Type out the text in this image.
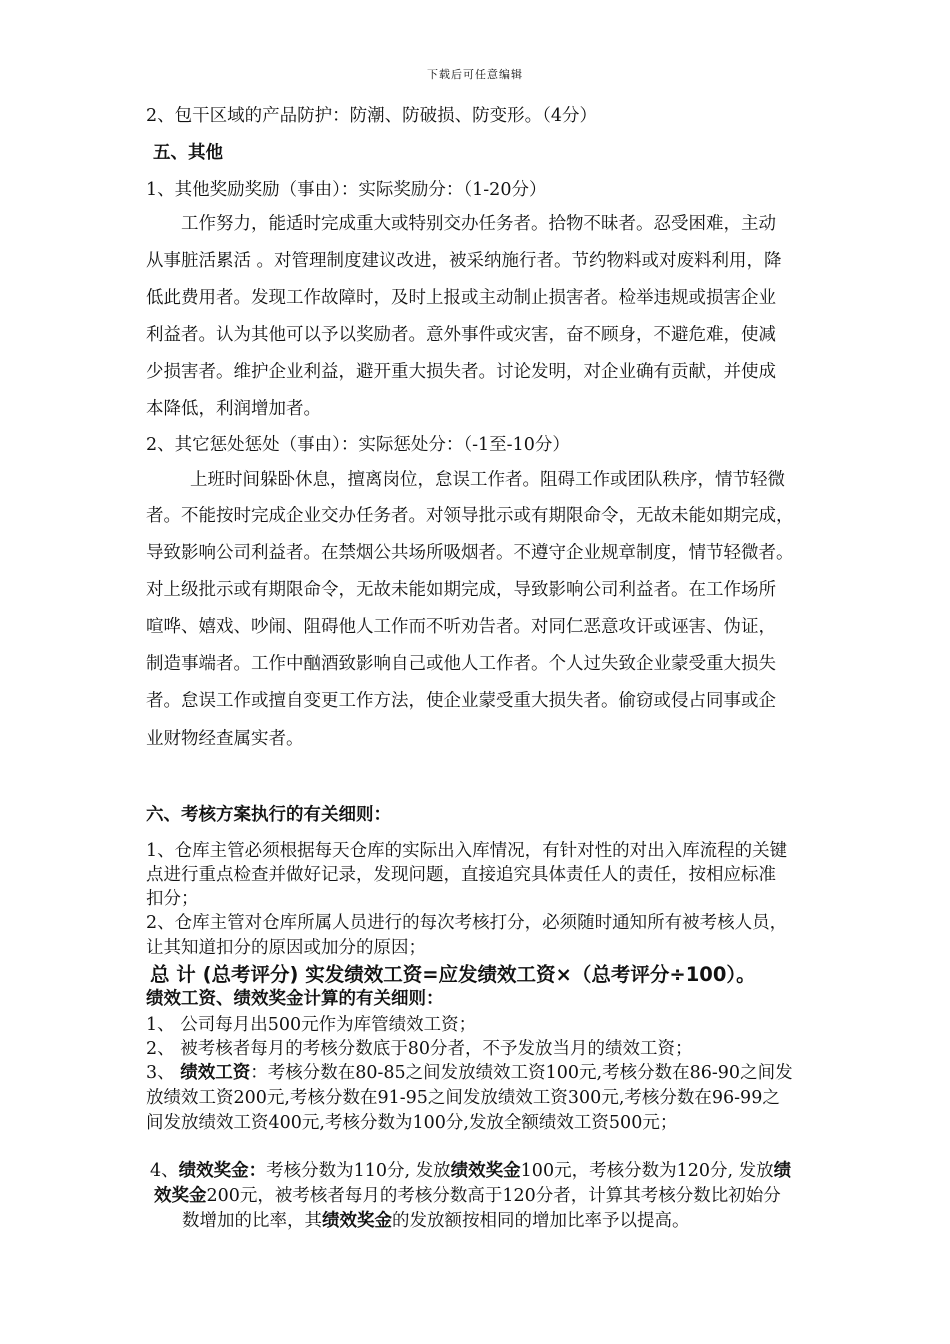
下载后可任意编辑
2、包干区域的产品防护：防潮、防破损、防变形。（4分）
五、其他
1、其他奖励奖励（事由）：实际奖励分：（1-20分）
工作努力，能适时完成重大或特别交办任务者。拾物不昧者。忍受困难，主动
从事脏活累活 。对管理制度建议改进，被采纳施行者。节约物料或对废料利用，降
低此费用者。发现工作故障时，及时上报或主动制止损害者。检举违规或损害企业
利益者。认为其他可以予以奖励者。意外事件或灾害，奋不顾身，不避危难，使减
少损害者。维护企业利益，避开重大损失者。讨论发明，对企业确有贡献，并使成
本降低，利润增加者。
2、其它惩处惩处（事由）：实际惩处分：（-1至-10分）
上班时间躲卧休息，擅离岗位，怠误工作者。阻碍工作或团队秩序，情节轻微
者。不能按时完成企业交办任务者。对领导批示或有期限命令，无故未能如期完成，
导致影响公司利益者。在禁烟公共场所吸烟者。不遵守企业规章制度，情节轻微者。
对上级批示或有期限命令，无故未能如期完成，导致影响公司利益者。在工作场所
喧哗、嬉戏、吵闹、阻碍他人工作而不听劝告者。对同仁恶意攻讦或诬害、伪证，
制造事端者。工作中酗酒致影响自己或他人工作者。个人过失致企业蒙受重大损失
者。怠误工作或擅自变更工作方法，使企业蒙受重大损失者。偷窃或侵占同事或企
业财物经查属实者。
六、考核方案执行的有关细则：
1、仓库主管必须根据每天仓库的实际出入库情况，有针对性的对出入库流程的关键
点进行重点检查并做好记录，发现问题，直接追究具体责任人的责任，按相应标准
扣分；
2、仓库主管对仓库所属人员进行的每次考核打分，必须随时通知所有被考核人员，
让其知道扣分的原因或加分的原因；
总 计 (总考评分) 实发绩效工资=应发绩效工资×（总考评分÷100）。
绩效工资、绩效奖金计算的有关细则：
1、 公司每月出500元作为库管绩效工资；
2、 被考核者每月的考核分数底于80分者，不予发放当月的绩效工资；
3、 绩效工资：考核分数在80-85之间发放绩效工资100元,考核分数在86-90之间发
放绩效工资200元,考核分数在91-95之间发放绩效工资300元,考核分数在96-99之
间发放绩效工资400元,考核分数为100分,发放全额绩效工资500元；
4、绩效奖金：考核分数为110分, 发放绩效奖金100元，考核分数为120分, 发放绩
效奖金200元，被考核者每月的考核分数高于120分者，计算其考核分数比初始分
数增加的比率，其绩效奖金的发放额按相同的增加比率予以提高。
